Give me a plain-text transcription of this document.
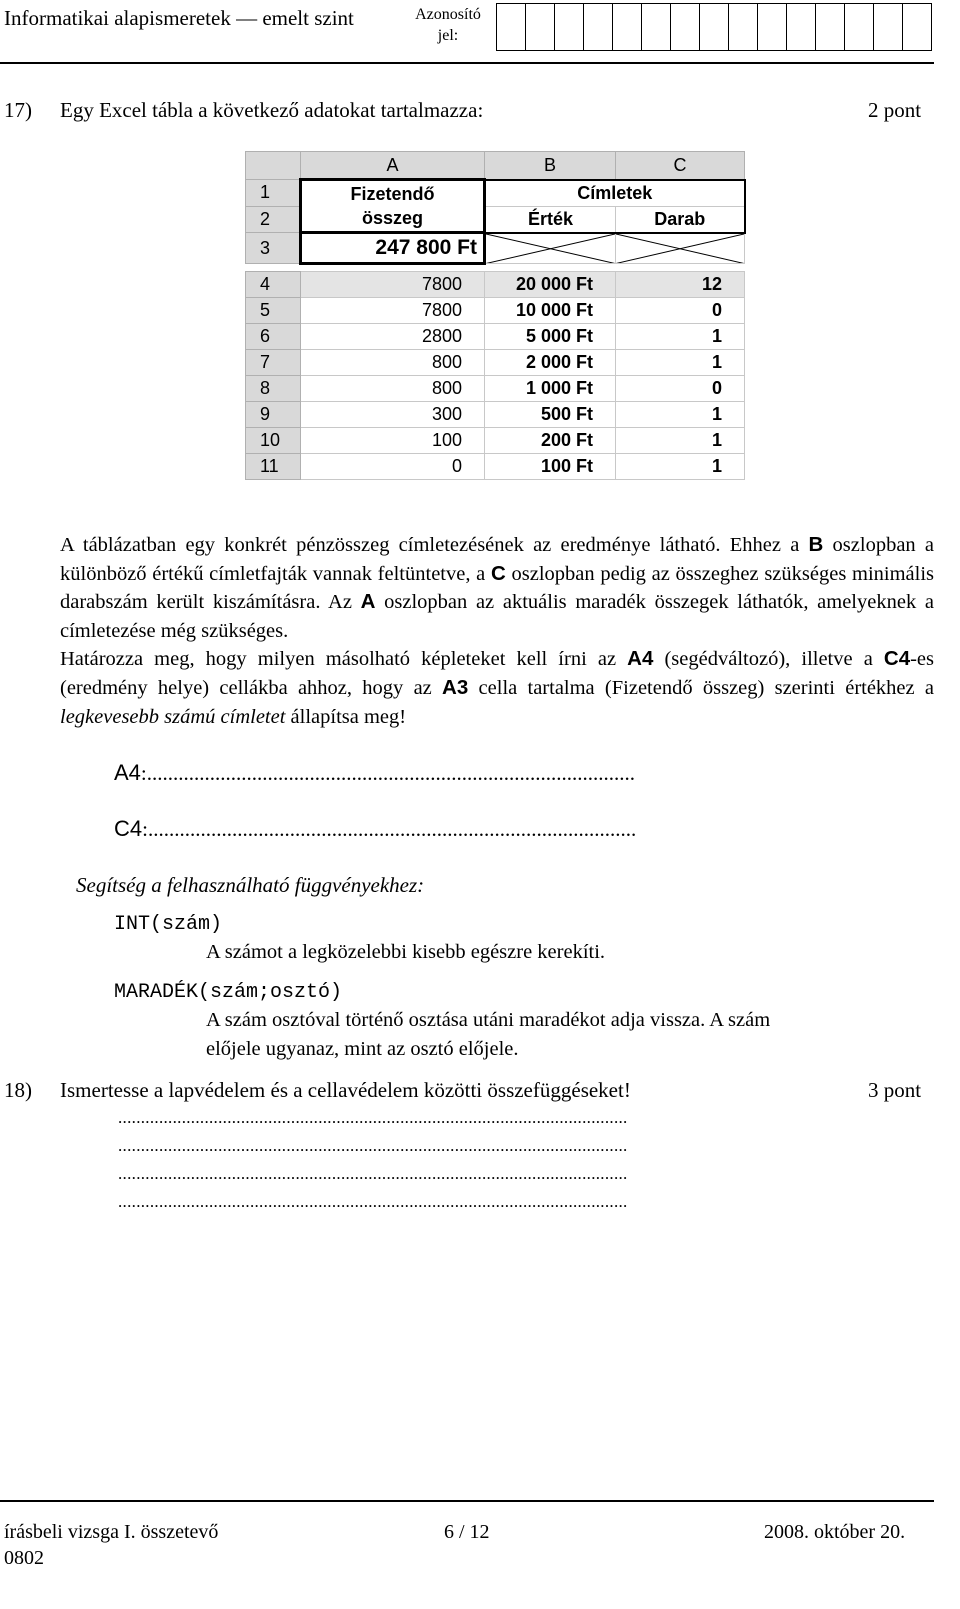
Informatikai alapismeretek — emelt szint	Azonosító
jel:
17) Egy Excel tábla a következő adatokat tartalmazza:	2 pont
	A	B	C
1	Fizetendő
összeg	Címletek	
2		Érték	Darab
3	247 800 Ft	

4	7800	20 000 Ft	12
5	7800	10 000 Ft	0
6	2800	5 000 Ft	1
7	800	2 000 Ft	1
8	800	1 000 Ft	0
9	300	500 Ft	1
10	100	200 Ft	1
11	0	100 Ft	1
A táblázatban egy konkrét pénzösszeg címletezésének az eredménye látható. Ehhez a B oszlopban a különböző értékű címletfajták vannak feltüntetve, a C oszlopban pedig az összeghez szükséges minimális darabszám került kiszámításra. Az A oszlopban az aktuális maradék összegek láthatók, amelyeknek a címletezése még szükséges.
Határozza meg, hogy milyen másolható képleteket kell írni az A4 (segédváltozó), illetve a C4-es (eredmény helye) cellákba ahhoz, hogy az A3 cella tartalma (Fizetendő összeg) szerinti értékhez a legkevesebb számú címletet állapítsa meg!
A4:.............................................................................................
C4:.............................................................................................
Segítség a felhasználható függvényekhez:
INT(szám)
A számot a legközelebbi kisebb egészre kerekíti.
MARADÉK(szám;osztó)
A szám osztóval történő osztása utáni maradékot adja vissza. A szám
előjele ugyanaz, mint az osztó előjele.
18) Ismertesse a lapvédelem és a cellavédelem közötti összefüggéseket!	3 pont
................................................................................................................
................................................................................................................
................................................................................................................
................................................................................................................
írásbeli vizsga I. összetevő
0802
6 / 12	2008. október 20.
